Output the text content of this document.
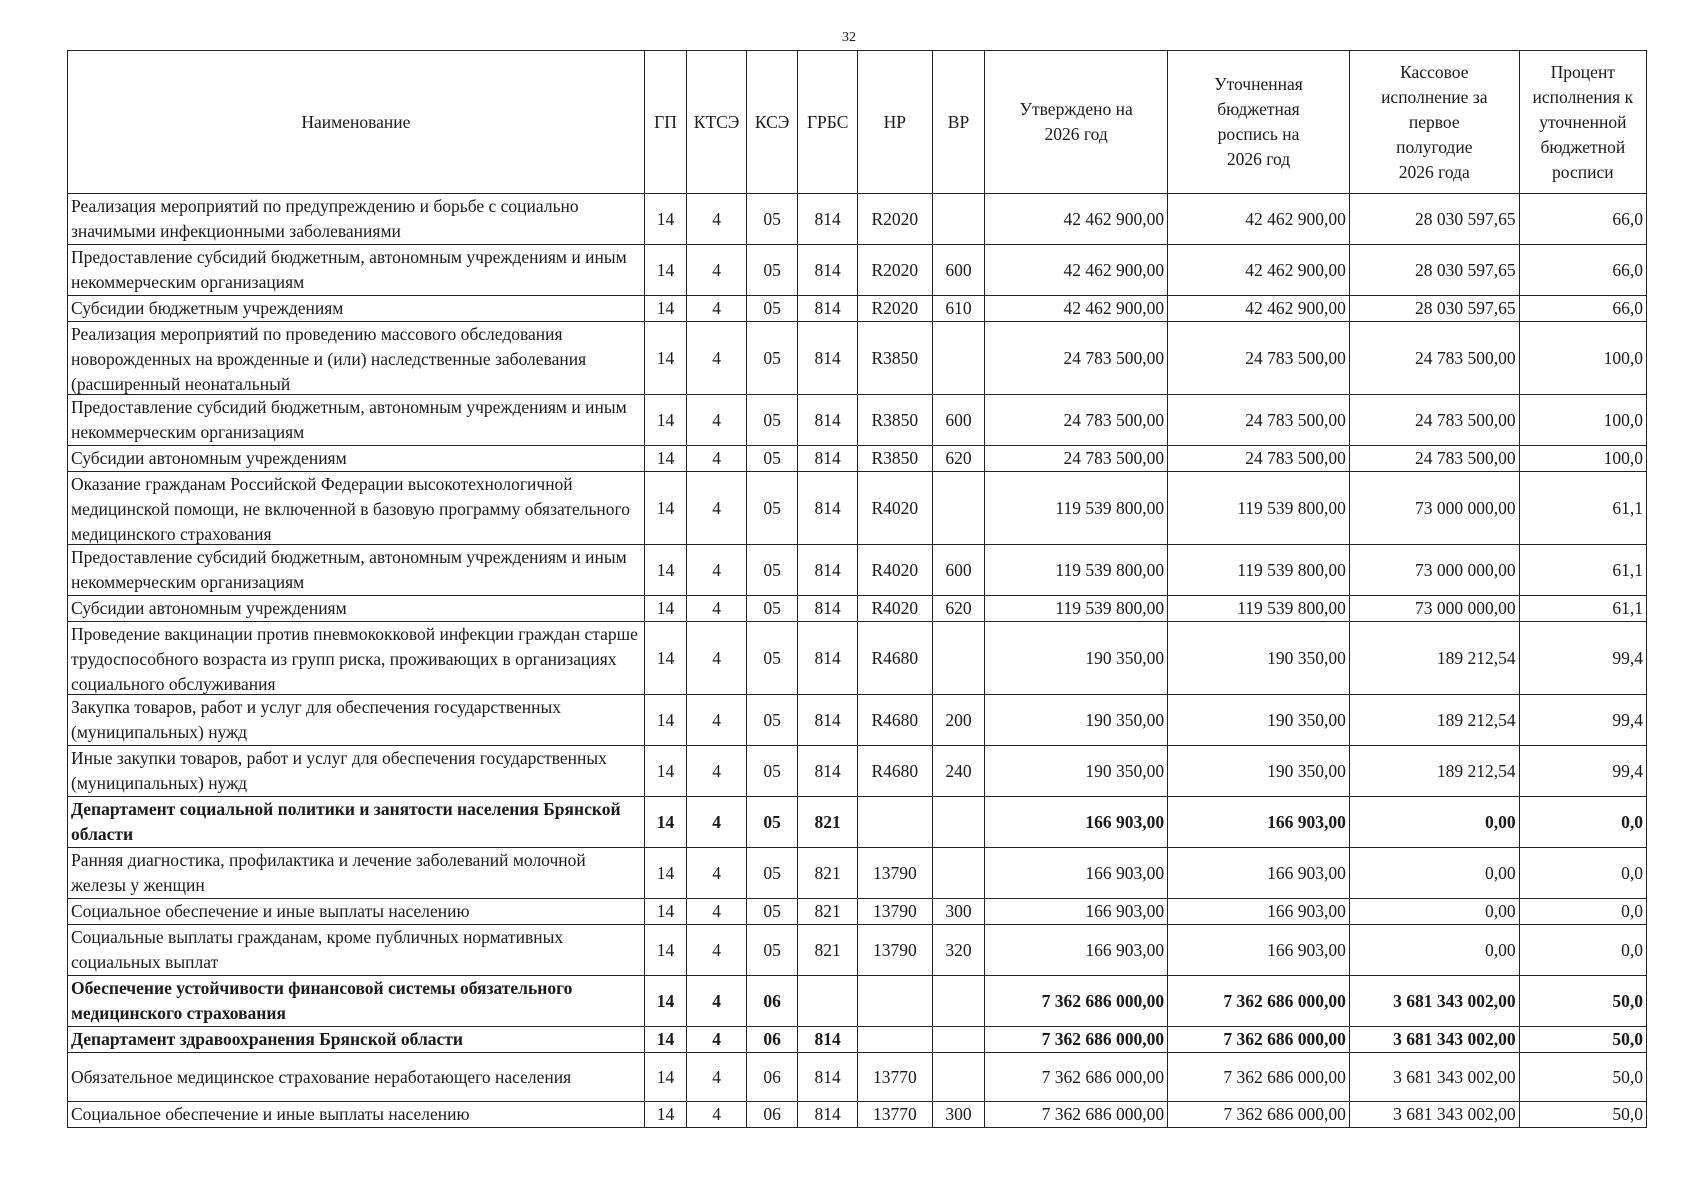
32
Наименование	ГП	КТСЭ	КСЭ	ГРБС	НР	ВР	Утверждено на 2026 год	Уточненная бюджетная роспись на 2026 год	Кассовое исполнение за первое полугодие 2026 года	Процент исполнения к уточненной бюджетной росписи

Реализация мероприятий по предупреждению и борьбе с социально значимыми инфекционными заболеваниями	14	4	05	814	R2020		42 462 900,00	42 462 900,00	28 030 597,65	66,0

Предоставление субсидий бюджетным, автономным учреждениям и иным некоммерческим организациям	14	4	05	814	R2020	600	42 462 900,00	42 462 900,00	28 030 597,65	66,0

Субсидии бюджетным учреждениям	14	4	05	814	R2020	610	42 462 900,00	42 462 900,00	28 030 597,65	66,0

Реализация мероприятий по проведению массового обследования новорожденных на врожденные и (или) наследственные заболевания (расширенный неонатальный	14	4	05	814	R3850		24 783 500,00	24 783 500,00	24 783 500,00	100,0

Предоставление субсидий бюджетным, автономным учреждениям и иным некоммерческим организациям	14	4	05	814	R3850	600	24 783 500,00	24 783 500,00	24 783 500,00	100,0

Субсидии автономным учреждениям	14	4	05	814	R3850	620	24 783 500,00	24 783 500,00	24 783 500,00	100,0

Оказание гражданам Российской Федерации высокотехнологичной медицинской помощи, не включенной в базовую программу обязательного медицинского страхования	14	4	05	814	R4020		119 539 800,00	119 539 800,00	73 000 000,00	61,1

Предоставление субсидий бюджетным, автономным учреждениям и иным некоммерческим организациям	14	4	05	814	R4020	600	119 539 800,00	119 539 800,00	73 000 000,00	61,1

Субсидии автономным учреждениям	14	4	05	814	R4020	620	119 539 800,00	119 539 800,00	73 000 000,00	61,1

Проведение вакцинации против пневмококковой инфекции граждан старше трудоспособного возраста из групп риска, проживающих в организациях социального обслуживания	14	4	05	814	R4680		190 350,00	190 350,00	189 212,54	99,4

Закупка товаров, работ и услуг для обеспечения государственных (муниципальных) нужд	14	4	05	814	R4680	200	190 350,00	190 350,00	189 212,54	99,4

Иные закупки товаров, работ и услуг для обеспечения государственных (муниципальных) нужд	14	4	05	814	R4680	240	190 350,00	190 350,00	189 212,54	99,4

Департамент социальной политики и занятости населения Брянской области	14	4	05	821			166 903,00	166 903,00	0,00	0,0

Ранняя диагностика, профилактика и лечение заболеваний молочной железы у женщин	14	4	05	821	13790		166 903,00	166 903,00	0,00	0,0

Социальное обеспечение и иные выплаты населению	14	4	05	821	13790	300	166 903,00	166 903,00	0,00	0,0

Социальные выплаты гражданам, кроме публичных нормативных социальных выплат	14	4	05	821	13790	320	166 903,00	166 903,00	0,00	0,0

Обеспечение устойчивости финансовой системы обязательного медицинского страхования	14	4	06				7 362 686 000,00	7 362 686 000,00	3 681 343 002,00	50,0

Департамент здравоохранения Брянской области	14	4	06	814			7 362 686 000,00	7 362 686 000,00	3 681 343 002,00	50,0

Обязательное медицинское страхование неработающего населения	14	4	06	814	13770		7 362 686 000,00	7 362 686 000,00	3 681 343 002,00	50,0

Социальное обеспечение и иные выплаты населению	14	4	06	814	13770	300	7 362 686 000,00	7 362 686 000,00	3 681 343 002,00	50,0
